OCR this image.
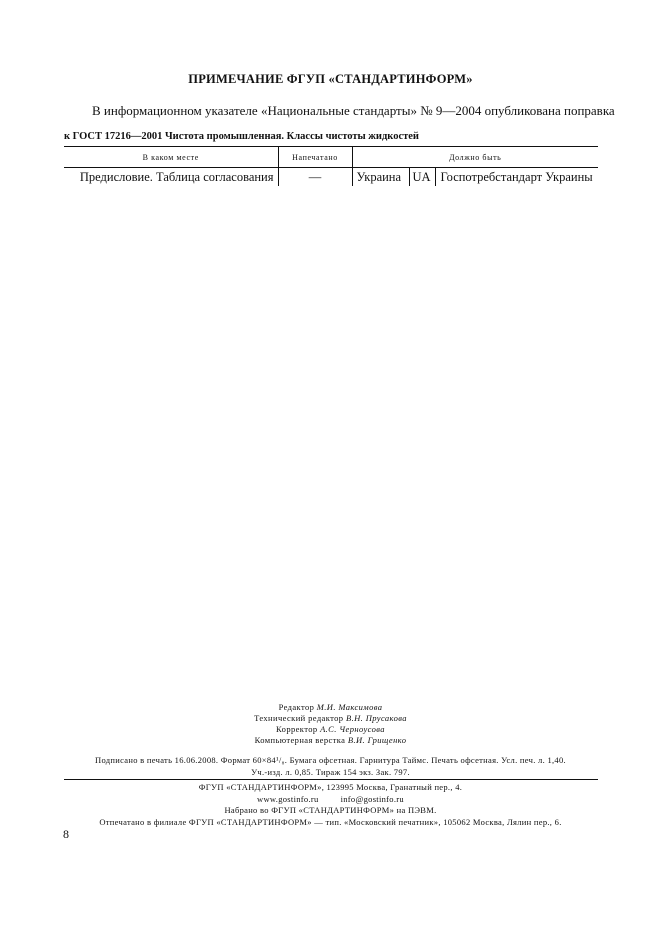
ПРИМЕЧАНИЕ ФГУП «СТАНДАРТИНФОРМ»
В информационном указателе «Национальные стандарты» № 9—2004 опубликована поправка
к ГОСТ 17216—2001 Чистота промышленная. Классы чистоты жидкостей
В каком месте	Напечатано	Должно быть		
Предисловие. Таблица согласования	—	Украина	UA	Госпотребстандарт Украины
Редактор М.И. Максимова
Технический редактор В.Н. Прусакова
Корректор А.С. Черноусова
Компьютерная верстка В.И. Грищенко
Подписано в печать 16.06.2008. Формат 60×84¹/₈. Бумага офсетная. Гарнитура Таймс. Печать офсетная. Усл. печ. л. 1,40.
Уч.-изд. л. 0,85. Тираж 154 экз. Зак. 797.
ФГУП «СТАНДАРТИНФОРМ», 123995 Москва, Гранатный пер., 4.
www.gostinfo.ru	info@gostinfo.ru
Набрано во ФГУП «СТАНДАРТИНФОРМ» на ПЭВМ.
Отпечатано в филиале ФГУП «СТАНДАРТИНФОРМ» — тип. «Московский печатник», 105062 Москва, Лялин пер., 6.
8
